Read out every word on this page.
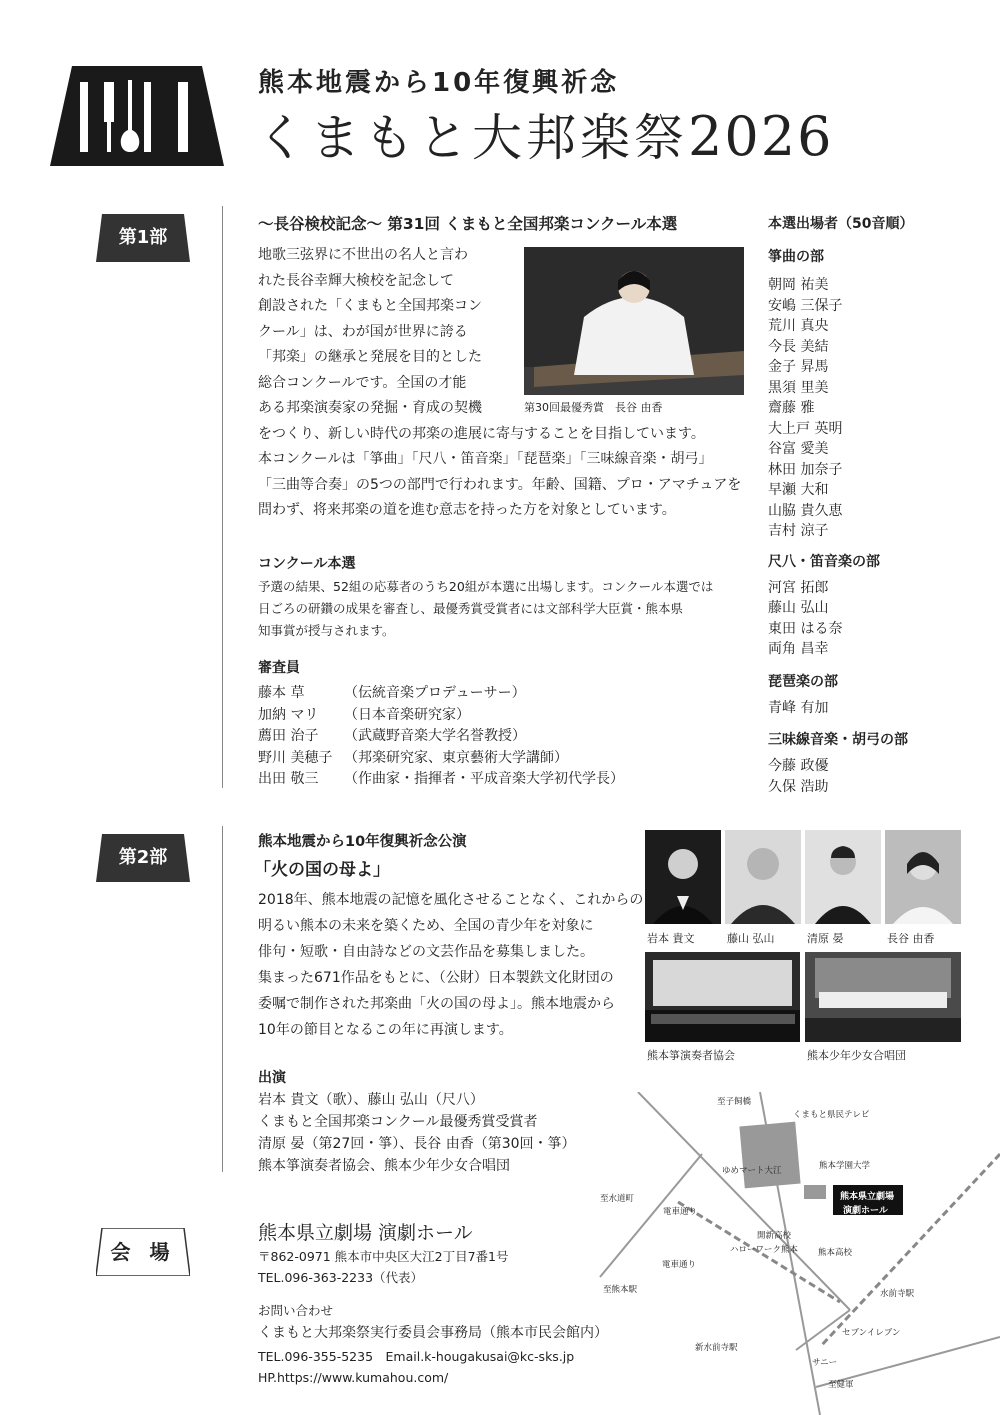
熊本地震から10年復興祈念
くまもと大邦楽祭2026
第1部
〜長谷検校記念〜 第31回 くまもと全国邦楽コンクール本選
地歌三弦界に不世出の名人と言わ
れた長谷幸輝大検校を記念して
創設された「くまもと全国邦楽コン
クール」は、わが国が世界に誇る
「邦楽」の継承と発展を目的とした
総合コンクールです。全国の才能
ある邦楽演奏家の発掘・育成の契機
をつくり、新しい時代の邦楽の進展に寄与することを目指しています。
本コンクールは「箏曲」「尺八・笛音楽」「琵琶楽」「三味線音楽・胡弓」
「三曲等合奏」の5つの部門で行われます。年齢、国籍、プロ・アマチュアを
問わず、将来邦楽の道を進む意志を持った方を対象としています。
第30回最優秀賞　長谷 由香
コンクール本選
予選の結果、52組の応募者のうち20組が本選に出場します。コンクール本選では
日ごろの研鑽の成果を審査し、最優秀賞受賞者には文部科学大臣賞・熊本県
知事賞が授与されます。
審査員
藤本 草	（伝統音楽プロデューサー）
加納 マリ （日本音楽研究家）
薦田 治子 （武蔵野音楽大学名誉教授）
野川 美穂子 （邦楽研究家、東京藝術大学講師）
出田 敬三 （作曲家・指揮者・平成音楽大学初代学長）
本選出場者（50音順）
箏曲の部
朝岡 祐美
安嶋 三保子
荒川 真央
今長 美結
金子 昇馬
黒須 里美
齋藤 雅
大上戸 英明
谷富 愛美
林田 加奈子
早瀬 大和
山脇 貴久恵
吉村 涼子
尺八・笛音楽の部
河宮 拓郎
藤山 弘山
東田 はる奈
両角 昌幸
琵琶楽の部
青峰 有加
三味線音楽・胡弓の部
今藤 政優
久保 浩助
第2部
熊本地震から10年復興祈念公演
「火の国の母よ」
2018年、熊本地震の記憶を風化させることなく、これからの
明るい熊本の未来を築くため、全国の青少年を対象に
俳句・短歌・自由詩などの文芸作品を募集しました。
集まった671作品をもとに、（公財）日本製鉄文化財団の
委嘱で制作された邦楽曲「火の国の母よ」。熊本地震から
10年の節目となるこの年に再演します。
出演
岩本 貴文（歌）、藤山 弘山（尺八）
くまもと全国邦楽コンクール最優秀賞受賞者
清原 晏（第27回・箏）、長谷 由香（第30回・箏）
熊本箏演奏者協会、熊本少年少女合唱団
岩本 貴文	藤山 弘山	清原 晏	長谷 由香
熊本箏演奏者協会	熊本少年少女合唱団
会 場
熊本県立劇場 演劇ホール
〒862-0971 熊本市中央区大江2丁目7番1号
TEL.096-363-2233（代表）
お問い合わせ
くまもと大邦楽祭実行委員会事務局（熊本市民会館内）
TEL.096-355-5235　Email.k-hougakusai@kc-sks.jp
HP.https://www.kumahou.com/
至子飼橋
くまもと県民テレビ
熊本学園大学
ゆめマート大江
至水道町
電車通り
熊本県立劇場
演劇ホール
開新高校
ハローワーク熊本 熊本高校
電車通り
至熊本駅	水前寺駅
セブンイレブン
新水前寺駅
サニー
至健軍
